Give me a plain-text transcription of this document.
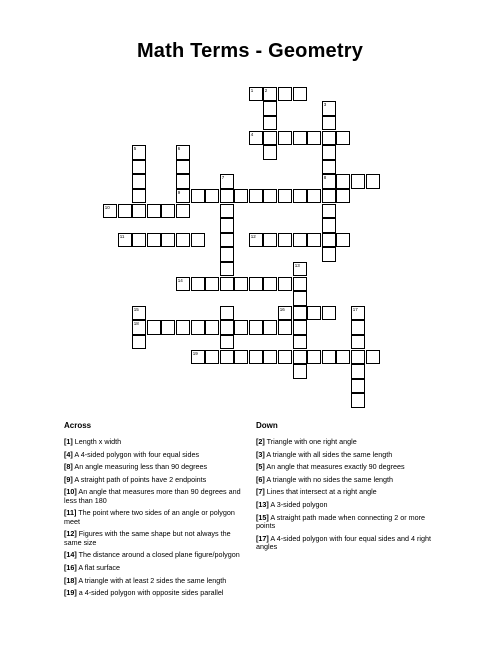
Math Terms - Geometry
1	2
3
4
5	6
7	8
9
10
11	12
13
14
15	16	17
18
19
Across	Down
[1] Length x width
[4] A 4-sided polygon with four equal sides
[8] An angle measuring less than 90 degrees
[9] A straight path of points have 2 endpoints
[10] An angle that measures more than 90 degrees and less than 180
[11] The point where two sides of an angle or polygon meet
[12] Figures with the same shape but not always the same size
[14] The distance around a closed plane figure/polygon
[16] A flat surface
[18] A triangle with at least 2 sides the same length
[19] a 4-sided polygon with opposite sides parallel
[2] Triangle with one right angle
[3] A triangle with all sides the same length
[5] An angle that measures exactly 90 degrees
[6] A triangle with no sides the same length
[7] Lines that intersect at a right angle
[13] A 3-sided polygon
[15] A straight path made when connecting 2 or more points
[17] A 4-sided polygon with four equal sides and 4 right angles
